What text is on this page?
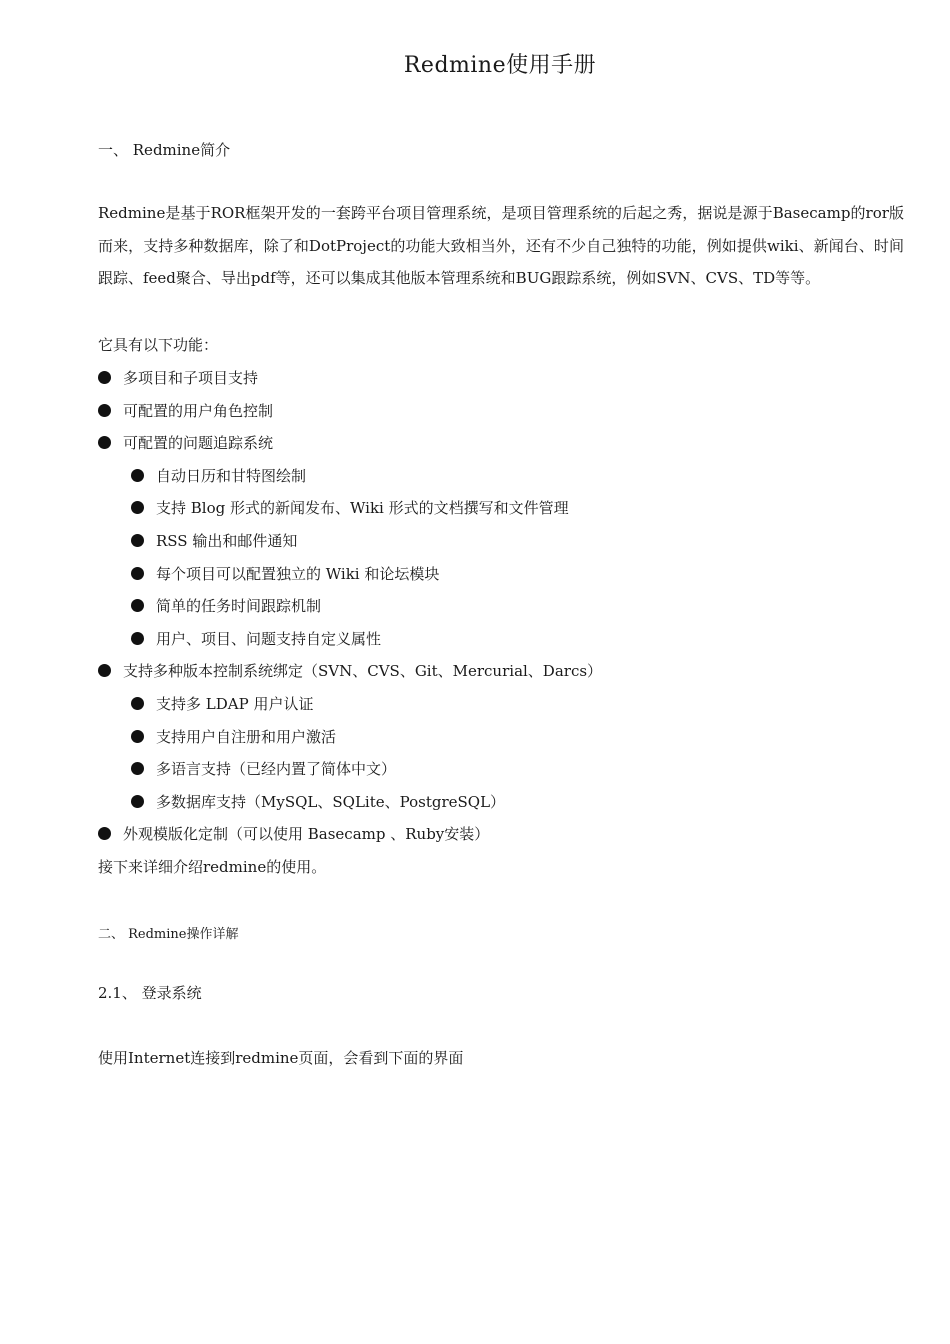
Redmine使用手册
一、 Redmine简介
Redmine是基于ROR框架开发的一套跨平台项目管理系统，是项目管理系统的后起之秀，据说是源于Basecamp的ror版而来，支持多种数据库，除了和DotProject的功能大致相当外，还有不少自己独特的功能，例如提供wiki、新闻台、时间跟踪、feed聚合、导出pdf等，还可以集成其他版本管理系统和BUG跟踪系统，例如SVN、CVS、TD等等。
它具有以下功能：
多项目和子项目支持
可配置的用户角色控制
可配置的问题追踪系统
自动日历和甘特图绘制
支持 Blog 形式的新闻发布、Wiki 形式的文档撰写和文件管理
RSS 输出和邮件通知
每个项目可以配置独立的 Wiki 和论坛模块
简单的任务时间跟踪机制
用户、项目、问题支持自定义属性
支持多种版本控制系统绑定（SVN、CVS、Git、Mercurial、Darcs）
支持多 LDAP 用户认证
支持用户自注册和用户激活
多语言支持（已经内置了简体中文）
多数据库支持（MySQL、SQLite、PostgreSQL）
外观模版化定制（可以使用 Basecamp 、Ruby安装）
接下来详细介绍redmine的使用。
二、 Redmine操作详解
2.1、 登录系统
使用Internet连接到redmine页面，会看到下面的界面
